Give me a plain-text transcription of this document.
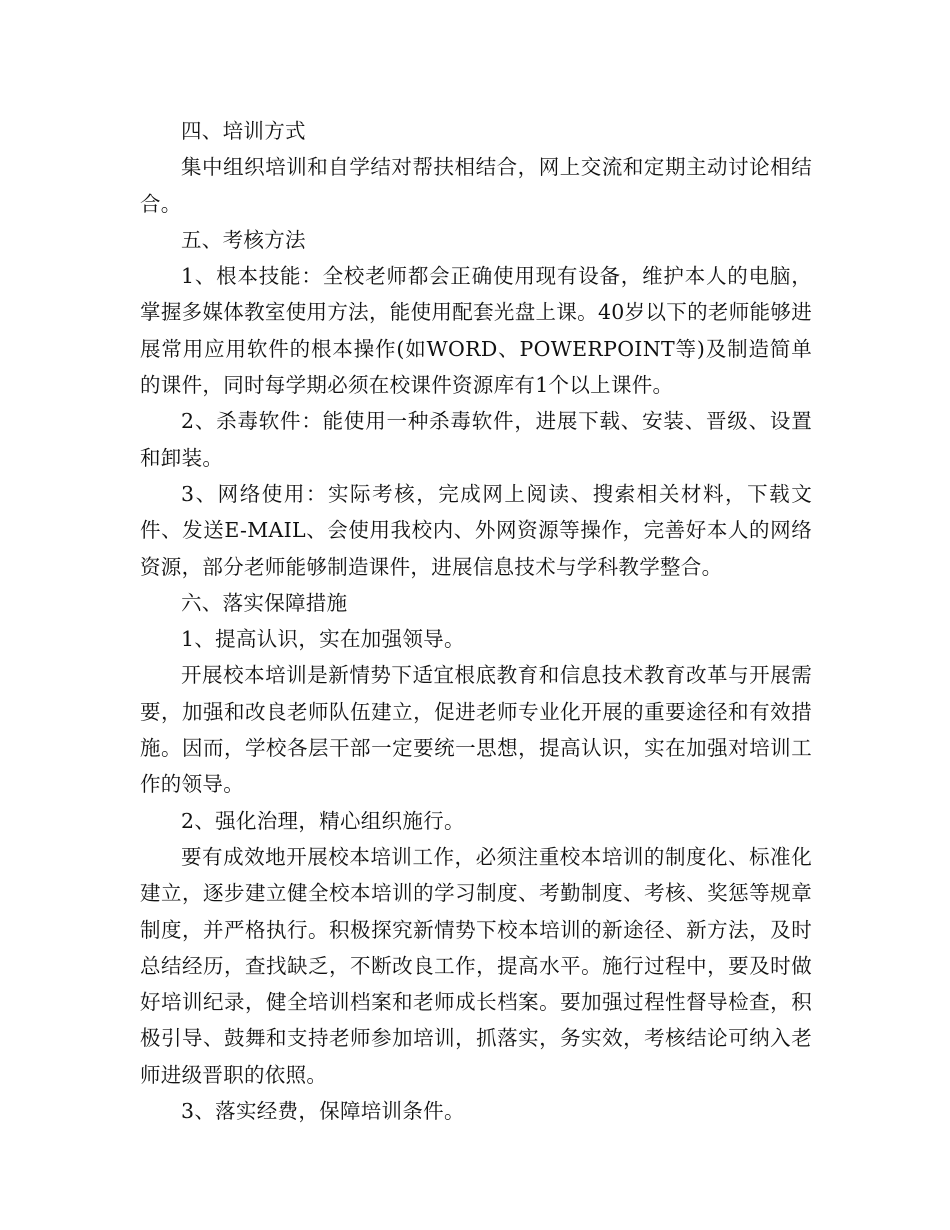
四、培训方式

集中组织培训和自学结对帮扶相结合，网上交流和定期主动讨论相结合。

五、考核方法

1、根本技能：全校老师都会正确使用现有设备，维护本人的电脑，掌握多媒体教室使用方法，能使用配套光盘上课。40岁以下的老师能够进展常用应用软件的根本操作(如WORD、POWERPOINT等)及制造简单的课件，同时每学期必须在校课件资源库有1个以上课件。

2、杀毒软件：能使用一种杀毒软件，进展下载、安装、晋级、设置和卸装。

3、网络使用：实际考核，完成网上阅读、搜索相关材料，下载文件、发送E-MAIL、会使用我校内、外网资源等操作，完善好本人的网络资源，部分老师能够制造课件，进展信息技术与学科教学整合。

六、落实保障措施

1、提高认识，实在加强领导。

开展校本培训是新情势下适宜根底教育和信息技术教育改革与开展需要，加强和改良老师队伍建立，促进老师专业化开展的重要途径和有效措施。因而，学校各层干部一定要统一思想，提高认识，实在加强对培训工作的领导。

2、强化治理，精心组织施行。

要有成效地开展校本培训工作，必须注重校本培训的制度化、标准化建立，逐步建立健全校本培训的学习制度、考勤制度、考核、奖惩等规章制度，并严格执行。积极探究新情势下校本培训的新途径、新方法，及时总结经历，查找缺乏，不断改良工作，提高水平。施行过程中，要及时做好培训纪录，健全培训档案和老师成长档案。要加强过程性督导检查，积极引导、鼓舞和支持老师参加培训，抓落实，务实效，考核结论可纳入老师进级晋职的依照。

3、落实经费，保障培训条件。
